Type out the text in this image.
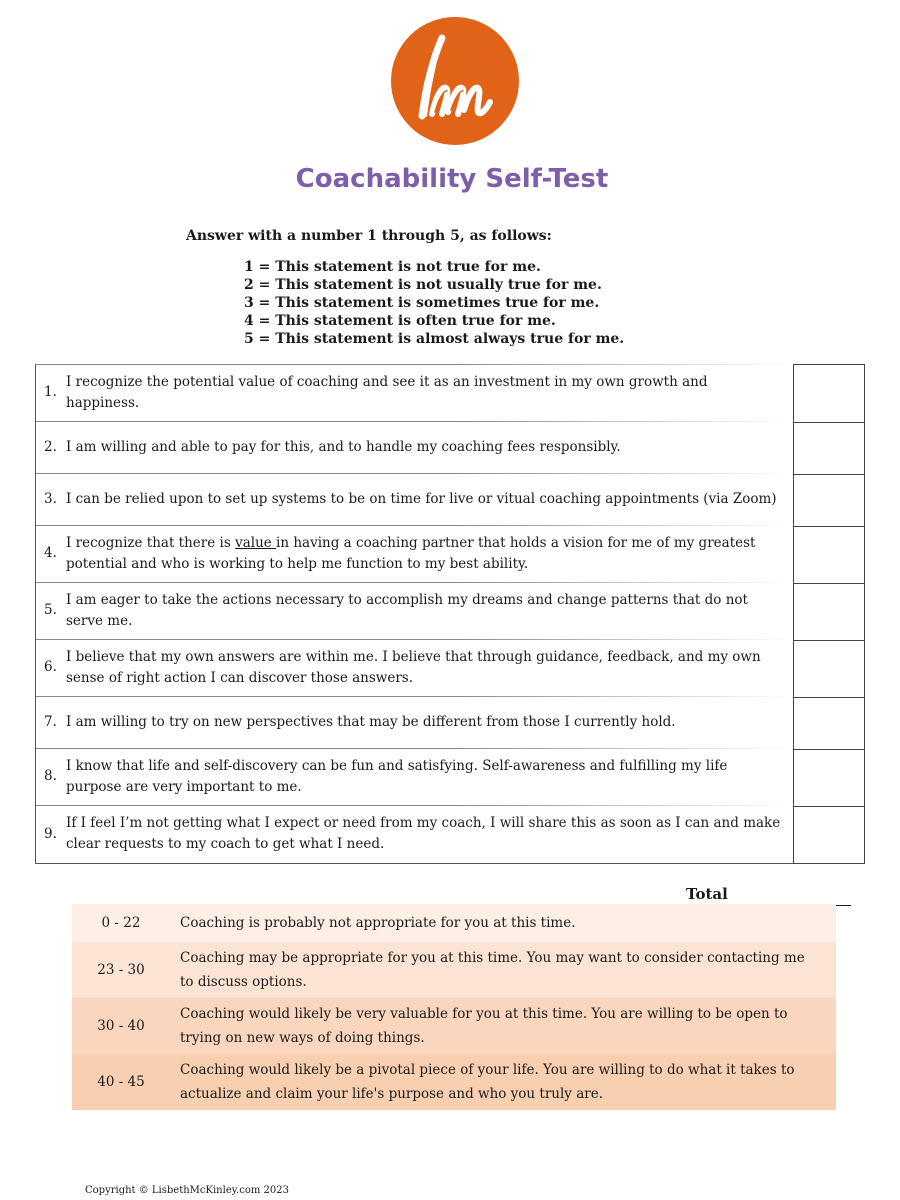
Coachability Self-Test
Answer with a number 1 through 5, as follows:
1 = This statement is not true for me.
2 = This statement is not usually true for me.
3 = This statement is sometimes true for me.
4 = This statement is often true for me.
5 = This statement is almost always true for me.
1.
I recognize the potential value of coaching and see it as an investment in my own growth and happiness.
2. I am willing and able to pay for this, and to handle my coaching fees responsibly.
3. I can be relied upon to set up systems to be on time for live or vitual coaching appointments (via Zoom)
4.
I recognize that there is value in having a coaching partner that holds a vision for me of my greatest potential and who is working to help me function to my best ability.
5.
I am eager to take the actions necessary to accomplish my dreams and change patterns that do not serve me.
6.
I believe that my own answers are within me. I believe that through guidance, feedback, and my own sense of right action I can discover those answers.
7. I am willing to try on new perspectives that may be different from those I currently hold.
8.
I know that life and self-discovery can be fun and satisfying. Self-awareness and fulfilling my life purpose are very important to me.
9.
If I feel I’m not getting what I expect or need from my coach, I will share this as soon as I can and make clear requests to my coach to get what I need.
Total
0 - 22	Coaching is probably not appropriate for you at this time.
23 - 30
Coaching may be appropriate for you at this time. You may want to consider contacting me to discuss options.
30 - 40
Coaching would likely be very valuable for you at this time. You are willing to be open to trying on new ways of doing things.
40 - 45
Coaching would likely be a pivotal piece of your life. You are willing to do what it takes to actualize and claim your life's purpose and who you truly are.
Copyright © LisbethMcKinley.com 2023
